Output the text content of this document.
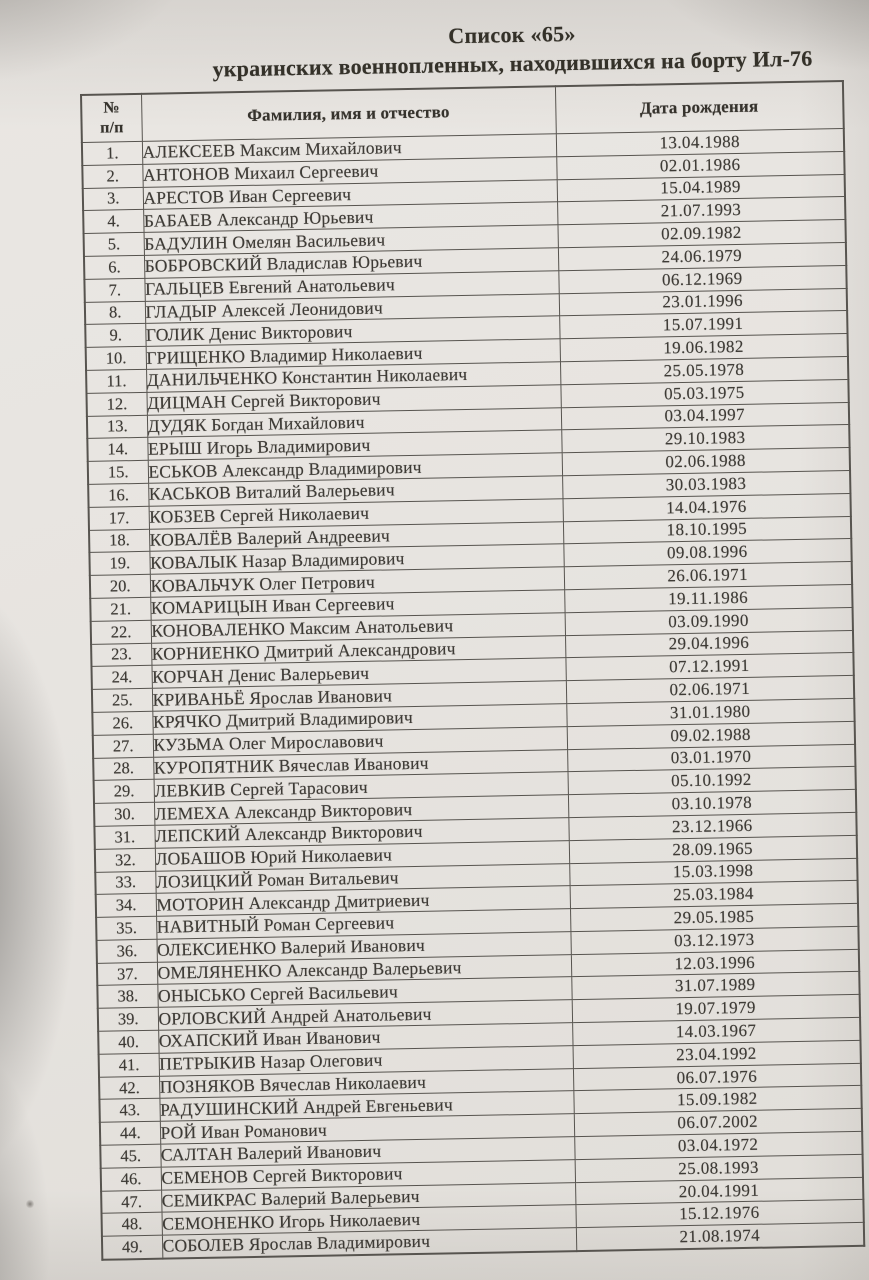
Список «65»
украинских военнопленных, находившихся на борту Ил-76
№
п/п	Фамилия, имя и отчество	Дата рождения
1.	АЛЕКСЕЕВ Максим Михайлович	13.04.1988
2.	АНТОНОВ Михаил Сергеевич	02.01.1986
3.	АРЕСТОВ Иван Сергеевич	15.04.1989
4.	БАБАЕВ Александр Юрьевич	21.07.1993
5.	БАДУЛИН Омелян Васильевич	02.09.1982
6.	БОБРОВСКИЙ Владислав Юрьевич	24.06.1979
7.	ГАЛЬЦЕВ Евгений Анатольевич	06.12.1969
8.	ГЛАДЫР Алексей Леонидович	23.01.1996
9.	ГОЛИК Денис Викторович	15.07.1991
10.	ГРИЩЕНКО Владимир Николаевич	19.06.1982
11.	ДАНИЛЬЧЕНКО Константин Николаевич	25.05.1978
12.	ДИЦМАН Сергей Викторович	05.03.1975
13.	ДУДЯК Богдан Михайлович	03.04.1997
14.	ЕРЫШ Игорь Владимирович	29.10.1983
15.	ЕСЬКОВ Александр Владимирович	02.06.1988
16.	КАСЬКОВ Виталий Валерьевич	30.03.1983
17.	КОБЗЕВ Сергей Николаевич	14.04.1976
18.	КОВАЛЁВ Валерий Андреевич	18.10.1995
19.	КОВАЛЫК Назар Владимирович	09.08.1996
20.	КОВАЛЬЧУК Олег Петрович	26.06.1971
21.	КОМАРИЦЫН Иван Сергеевич	19.11.1986
22.	КОНОВАЛЕНКО Максим Анатольевич	03.09.1990
23.	КОРНИЕНКО Дмитрий Александрович	29.04.1996
24.	КОРЧАН Денис Валерьевич	07.12.1991
25.	КРИВАНЬЁ Ярослав Иванович	02.06.1971
26.	КРЯЧКО Дмитрий Владимирович	31.01.1980
27.	КУЗЬМА Олег Мирославович	09.02.1988
28.	КУРОПЯТНИК Вячеслав Иванович	03.01.1970
29.	ЛЕВКИВ Сергей Тарасович	05.10.1992
30.	ЛЕМЕХА Александр Викторович	03.10.1978
31.	ЛЕПСКИЙ Александр Викторович	23.12.1966
32.	ЛОБАШОВ Юрий Николаевич	28.09.1965
33.	ЛОЗИЦКИЙ Роман Витальевич	15.03.1998
34.	МОТОРИН Александр Дмитриевич	25.03.1984
35.	НАВИТНЫЙ Роман Сергеевич	29.05.1985
36.	ОЛЕКСИЕНКО Валерий Иванович	03.12.1973
37.	ОМЕЛЯНЕНКО Александр Валерьевич	12.03.1996
38.	ОНЫСЬКО Сергей Васильевич	31.07.1989
39.	ОРЛОВСКИЙ Андрей Анатольевич	19.07.1979
40.	ОХАПСКИЙ Иван Иванович	14.03.1967
41.	ПЕТРЫКИВ Назар Олегович	23.04.1992
42.	ПОЗНЯКОВ Вячеслав Николаевич	06.07.1976
43.	РАДУШИНСКИЙ Андрей Евгеньевич	15.09.1982
44.	РОЙ Иван Романович	06.07.2002
45.	САЛТАН Валерий Иванович	03.04.1972
46.	СЕМЕНОВ Сергей Викторович	25.08.1993
47.	СЕМИКРАС Валерий Валерьевич	20.04.1991
48.	СЕМОНЕНКО Игорь Николаевич	15.12.1976
49.	СОБОЛЕВ Ярослав Владимирович	21.08.1974
